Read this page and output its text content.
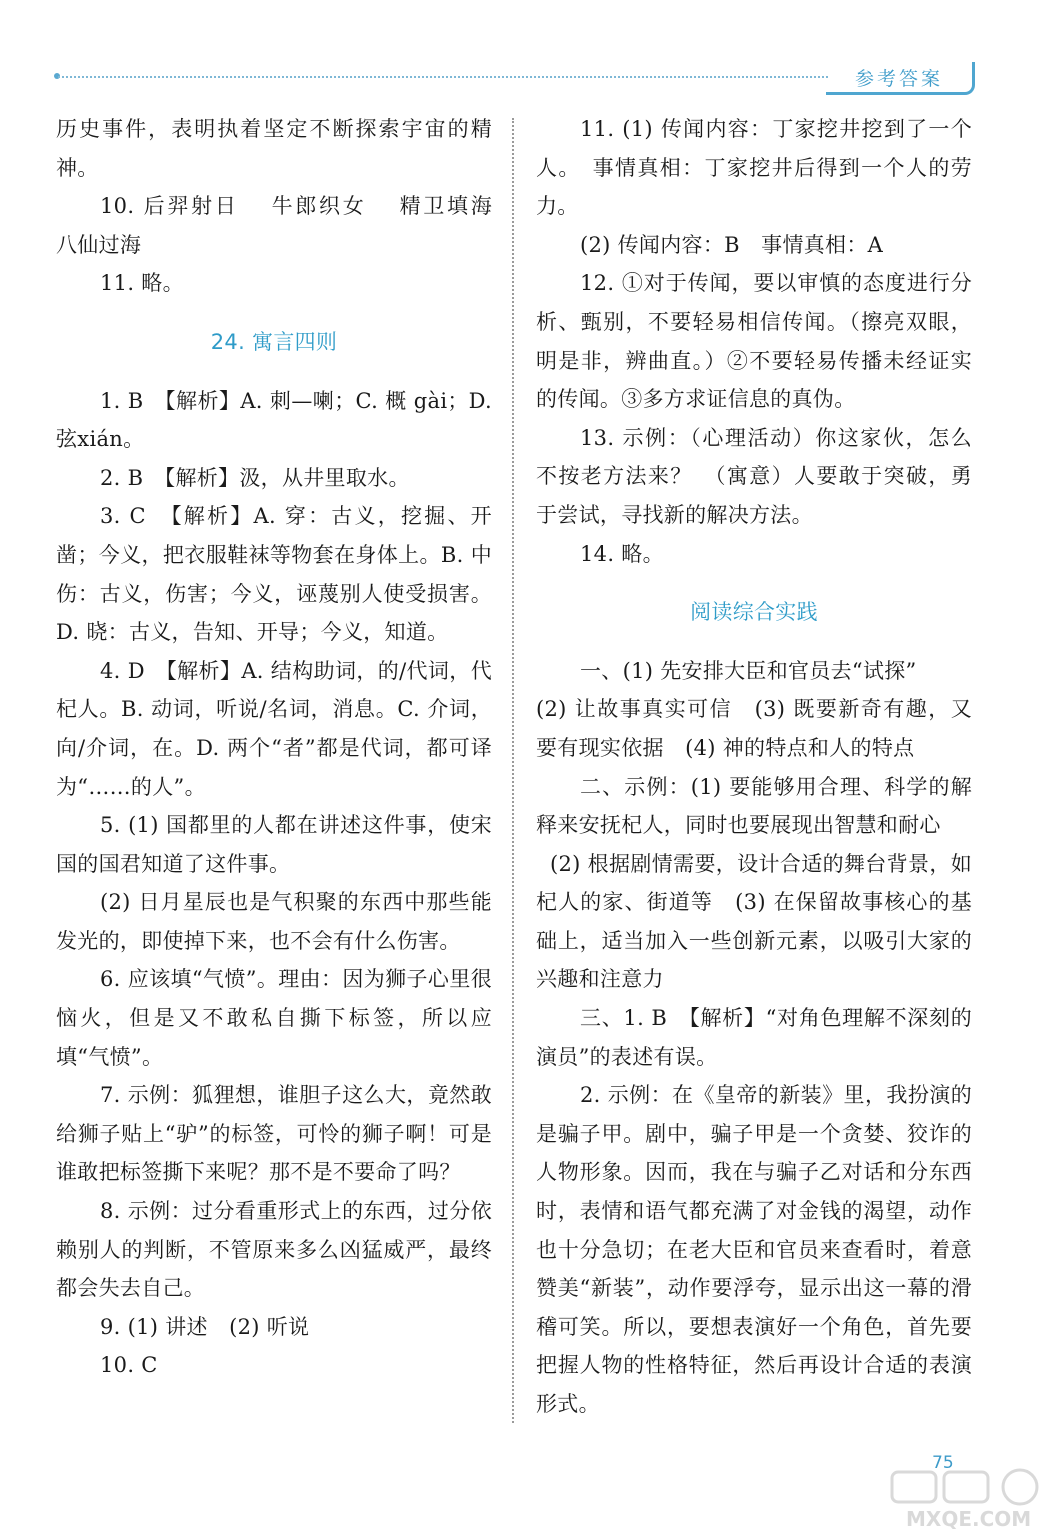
参考答案

历史事件，表明执着坚定不断探索宇宙的精神。

10. 后羿射日　 牛郎织女　 精卫填海　八仙过海

11. 略。

24. 寓言四则

1. B　【解析】A. 刺—喇；C. 概 gài；D. 弦xián。

2. B　【解析】汲，从井里取水。

3. C　【解析】A. 穿：古义，挖掘、开凿；今义，把衣服鞋袜等物套在身体上。B. 中伤：古义，伤害；今义，诬蔑别人使受损害。D. 晓：古义，告知、开导；今义，知道。

4. D　【解析】A. 结构助词，的/代词，代杞人。B. 动词，听说/名词，消息。C. 介词，向/介词，在。D. 两个“者”都是代词，都可译为“……的人”。

5. (1) 国都里的人都在讲述这件事，使宋国的国君知道了这件事。

(2) 日月星辰也是气积聚的东西中那些能发光的，即使掉下来，也不会有什么伤害。

6. 应该填“气愤”。理由：因为狮子心里很恼火，但是又不敢私自撕下标签，所以应填“气愤”。

7. 示例：狐狸想，谁胆子这么大，竟然敢给狮子贴上“驴”的标签，可怜的狮子啊！可是谁敢把标签撕下来呢？那不是不要命了吗？

8. 示例：过分看重形式上的东西，过分依赖别人的判断，不管原来多么凶猛威严，最终都会失去自己。

9. (1) 讲述　(2) 听说

10. C

11. (1) 传闻内容：丁家挖井挖到了一个人。　事情真相：丁家挖井后得到一个人的劳力。

(2) 传闻内容：B　事情真相：A

12. ①对于传闻，要以审慎的态度进行分析、甄别，不要轻易相信传闻。（擦亮双眼，明是非，辨曲直。）②不要轻易传播未经证实的传闻。③多方求证信息的真伪。

13. 示例：（心理活动）你这家伙，怎么不按老方法来？　（寓意）人要敢于突破，勇于尝试，寻找新的解决方法。

14. 略。

阅读综合实践

一、(1) 先安排大臣和官员去“试探”

(2) 让故事真实可信　(3) 既要新奇有趣，又要有现实依据　(4) 神的特点和人的特点

二、示例：(1) 要能够用合理、科学的解释来安抚杞人，同时也要展现出智慧和耐心

(2) 根据剧情需要，设计合适的舞台背景，如杞人的家、街道等　(3) 在保留故事核心的基础上，适当加入一些创新元素，以吸引大家的兴趣和注意力

三、1. B　【解析】“对角色理解不深刻的演员”的表述有误。

2. 示例：在《皇帝的新装》里，我扮演的是骗子甲。剧中，骗子甲是一个贪婪、狡诈的人物形象。因而，我在与骗子乙对话和分东西时，表情和语气都充满了对金钱的渴望，动作也十分急切；在老大臣和官员来查看时，着意赞美“新装”，动作要浮夸，显示出这一幕的滑稽可笑。所以，要想表演好一个角色，首先要把握人物的性格特征，然后再设计合适的表演形式。

75
MXQE.COM
